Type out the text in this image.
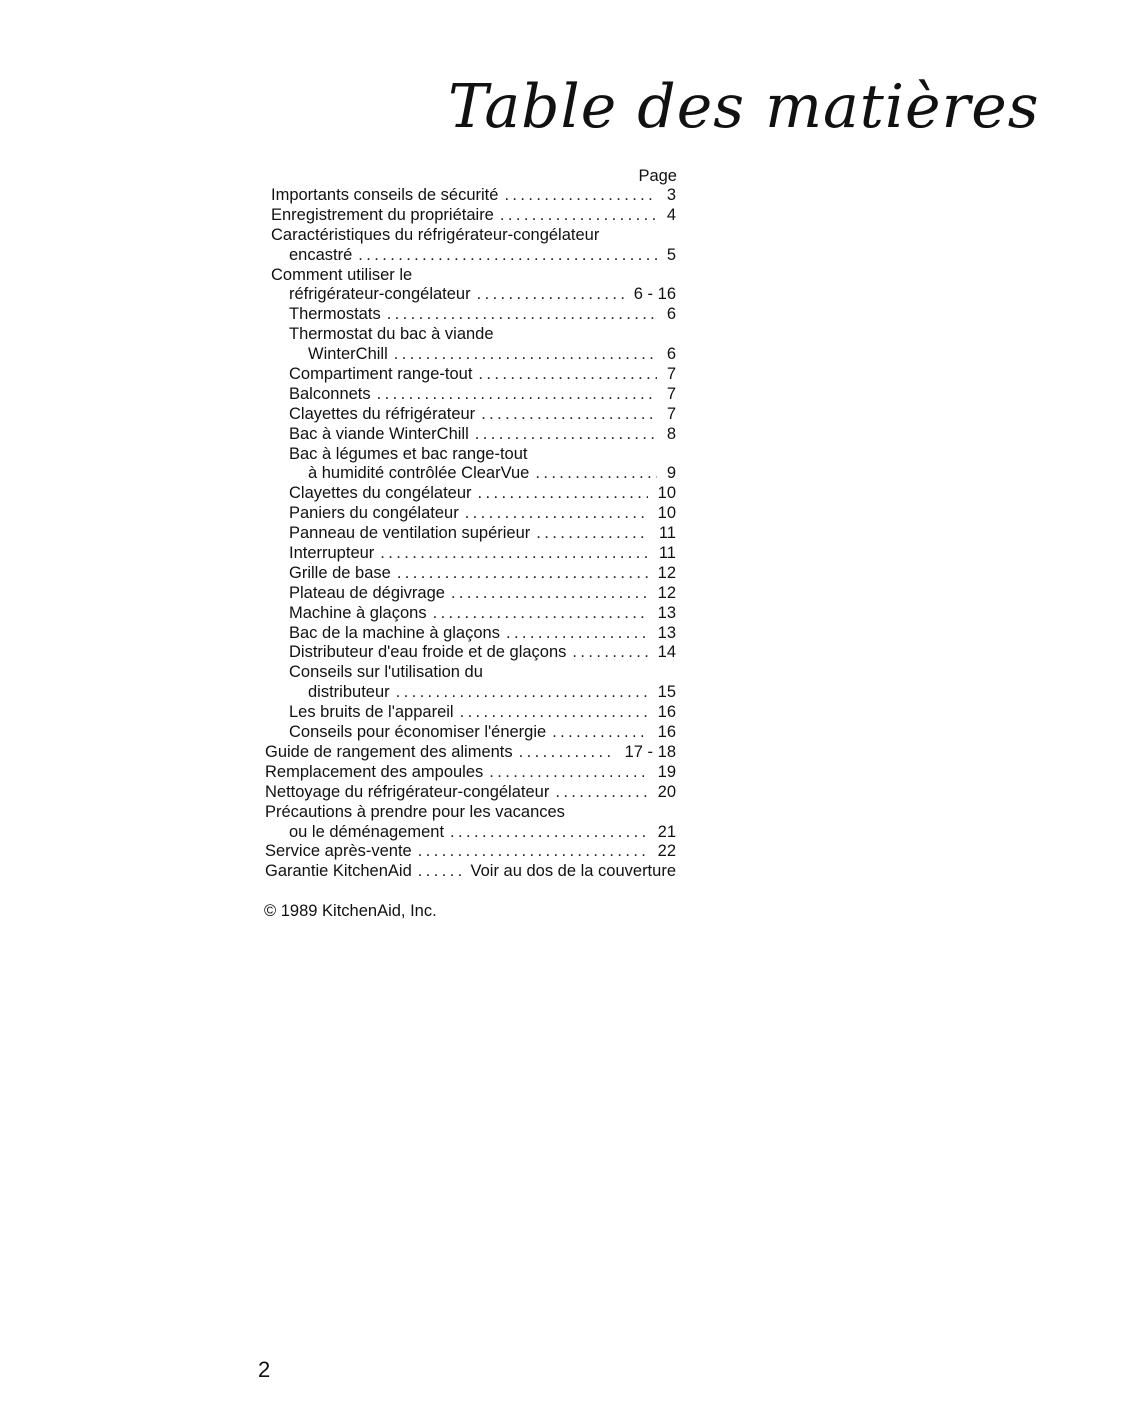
Table des matières
Page
Importants conseils de sécurité	3
.....
Enregistrement du propriétaire	4
.....
Caractéristiques du réfrigérateur-congélateur
encastré	5
.....
Comment utiliser le
réfrigérateur-congélateur	6 - 16
.....
Thermostats	6
.....
Thermostat du bac à viande
WinterChill	6
.....
Compartiment range-tout	7
.....
Balconnets	7
.....
Clayettes du réfrigérateur	7
.....
Bac à viande WinterChill	8
.....
Bac à légumes et bac range-tout
à humidité contrôlée ClearVue	9
.....
Clayettes du congélateur	10
.....
Paniers du congélateur	10
.....
Panneau de ventilation supérieur	11
.....
Interrupteur	11
.....
Grille de base	12
.....
Plateau de dégivrage	12
.....
Machine à glaçons	13
.....
Bac de la machine à glaçons	13
.....
Distributeur d'eau froide et de glaçons	14
.....
Conseils sur l'utilisation du
distributeur	15
.....
Les bruits de l'appareil	16
.....
Conseils pour économiser l'énergie	16
.....
Guide de rangement des aliments	17 - 18
.....
Remplacement des ampoules	19
.....
Nettoyage du réfrigérateur-congélateur	20
.....
Précautions à prendre pour les vacances
ou le déménagement	21
.....
Service après-vente	22
.....
Garantie KitchenAid	Voir au dos de la couverture
.....
© 1989 KitchenAid, Inc.
2
